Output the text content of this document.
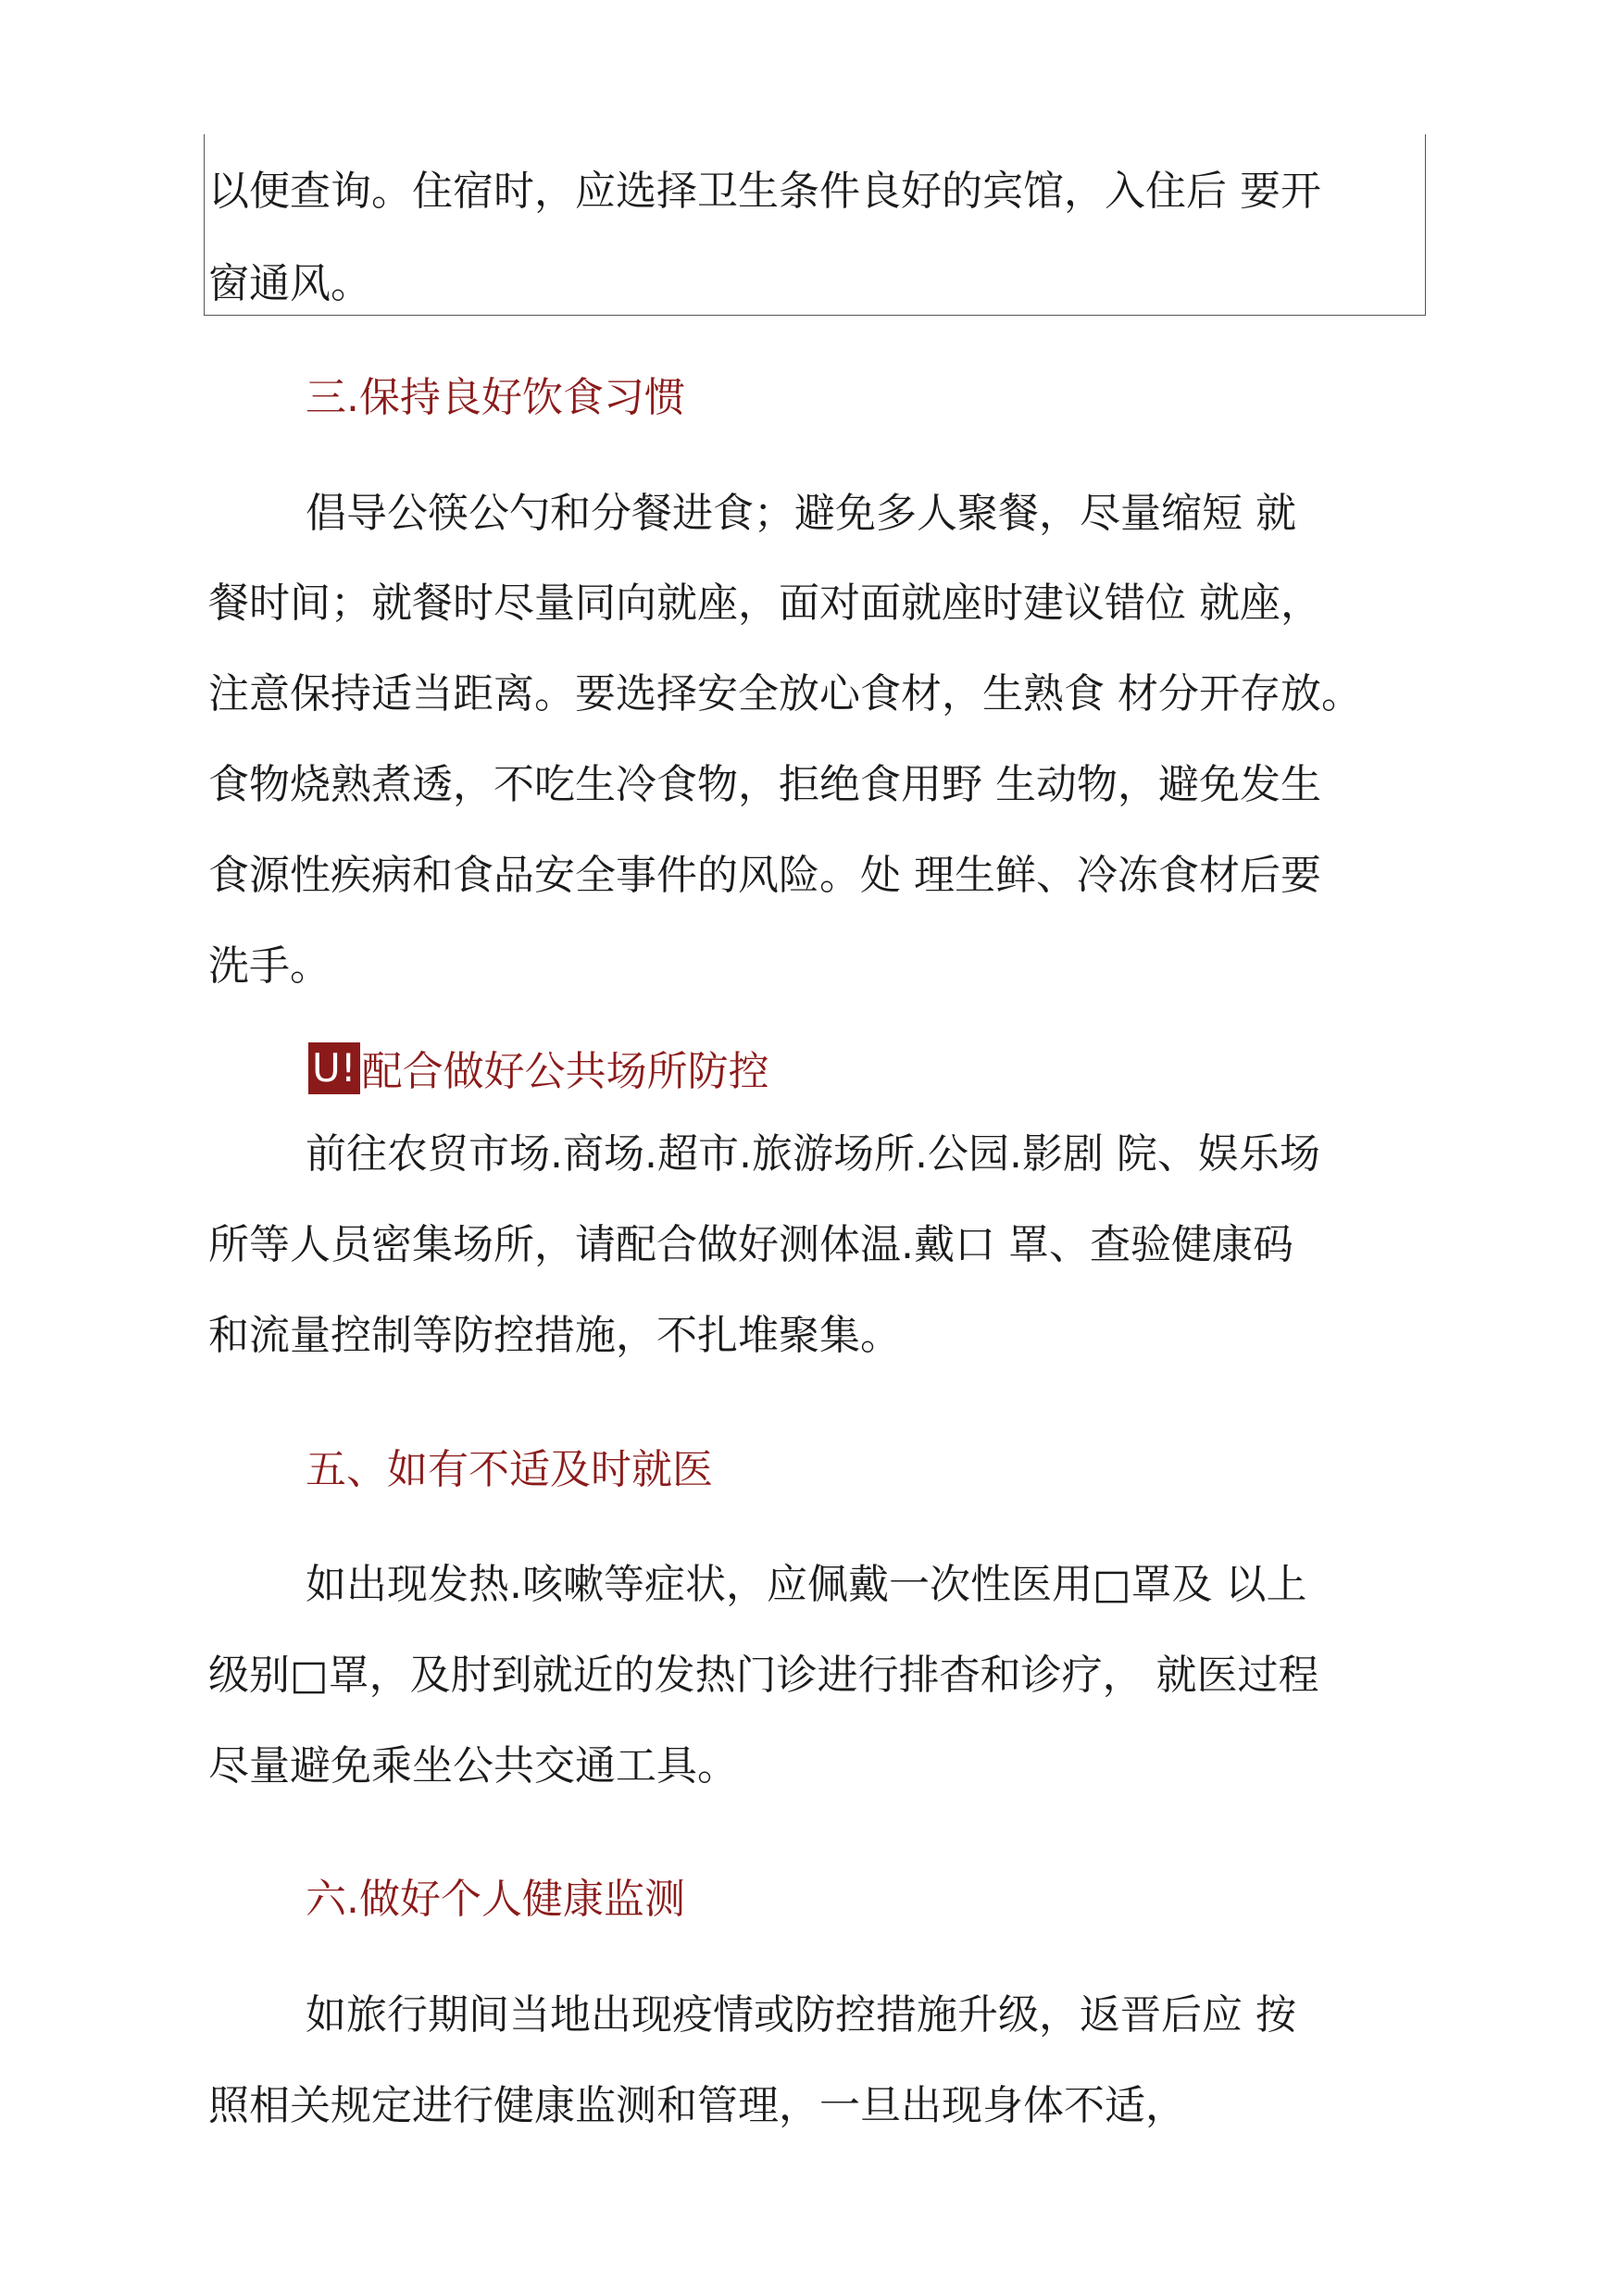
以便查询。住宿时，应选择卫生条件良好的宾馆，入住后 要开
窗通风。
三.保持良好饮食习惯
倡导公筷公勺和分餐进食；避免多人聚餐，尽量缩短 就
餐时间；就餐时尽量同向就座，面对面就座时建议错位 就座，
注意保持适当距离。要选择安全放心食材，生熟食 材分开存放。
食物烧熟煮透，不吃生冷食物，拒绝食用野 生动物，避免发生
食源性疾病和食品安全事件的风险。处 理生鲜、冷冻食材后要
洗手。
U! 配合做好公共场所防控
前往农贸市场.商场.超市.旅游场所.公园.影剧 院、娱乐场
所等人员密集场所，请配合做好测体温.戴口 罩、查验健康码
和流量控制等防控措施，不扎堆聚集。
五、如有不适及时就医
如出现发热.咳嗽等症状，应佩戴一次性医用□罩及 以上
级别□罩，及肘到就近的发热门诊进行排杳和诊疗， 就医过程
尽量避免乘坐公共交通工具。
六.做好个人健康监测
如旅行期间当地出现疫情或防控措施升级，返晋后应 按
照相关规定进行健康监测和管理，一旦出现身体不适，
